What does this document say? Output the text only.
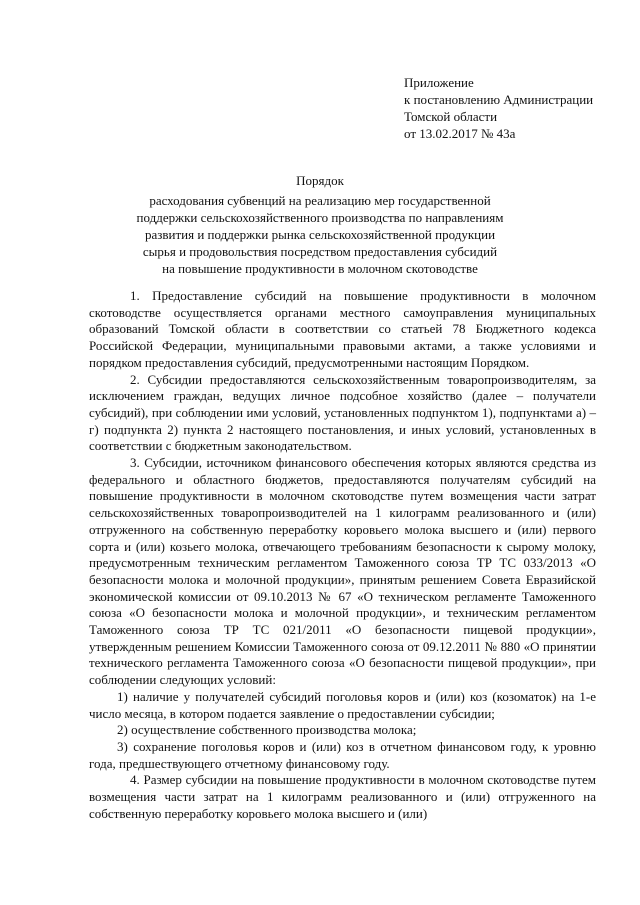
Приложение
к постановлению Администрации
Томской области
от 13.02.2017 № 43а
Порядок
расходования субвенций на реализацию мер государственной
поддержки сельскохозяйственного производства по направлениям
развития и поддержки рынка сельскохозяйственной продукции
сырья и продовольствия посредством предоставления субсидий
на повышение продуктивности в молочном скотоводстве

1. Предоставление субсидий на повышение продуктивности в молочном скотоводстве осуществляется органами местного самоуправления муниципальных образований Томской области в соответствии со статьей 78 Бюджетного кодекса Российской Федерации, муниципальными правовыми актами, а также условиями и порядком предоставления субсидий, предусмотренными настоящим Порядком.

2. Субсидии предоставляются сельскохозяйственным товаропроизводителям, за исключением граждан, ведущих личное подсобное хозяйство (далее – получатели субсидий), при соблюдении ими условий, установленных подпунктом 1), подпунктами а) – г) подпункта 2) пункта 2 настоящего постановления, и иных условий, установленных в соответствии с бюджетным законодательством.

3. Субсидии, источником финансового обеспечения которых являются средства из федерального и областного бюджетов, предоставляются получателям субсидий на повышение продуктивности в молочном скотоводстве путем возмещения части затрат сельскохозяйственных товаропроизводителей на 1 килограмм реализованного и (или) отгруженного на собственную переработку коровьего молока высшего и (или) первого сорта и (или) козьего молока, отвечающего требованиям безопасности к сырому молоку, предусмотренным техническим регламентом Таможенного союза ТР ТС 033/2013 «О безопасности молока и молочной продукции», принятым решением Совета Евразийской экономической комиссии от 09.10.2013 № 67 «О техническом регламенте Таможенного союза «О безопасности молока и молочной продукции», и техническим регламентом Таможенного союза ТР ТС 021/2011 «О безопасности пищевой продукции», утвержденным решением Комиссии Таможенного союза от 09.12.2011 № 880 «О принятии технического регламента Таможенного союза «О безопасности пищевой продукции», при соблюдении следующих условий:

1) наличие у получателей субсидий поголовья коров и (или) коз (козоматок) на 1-е число месяца, в котором подается заявление о предоставлении субсидии;

2) осуществление собственного производства молока;

3) сохранение поголовья коров и (или) коз в отчетном финансовом году, к уровню года, предшествующего отчетному финансовому году.

4. Размер субсидии на повышение продуктивности в молочном скотоводстве путем возмещения части затрат на 1 килограмм реализованного и (или) отгруженного на собственную переработку коровьего молока высшего и (или)
